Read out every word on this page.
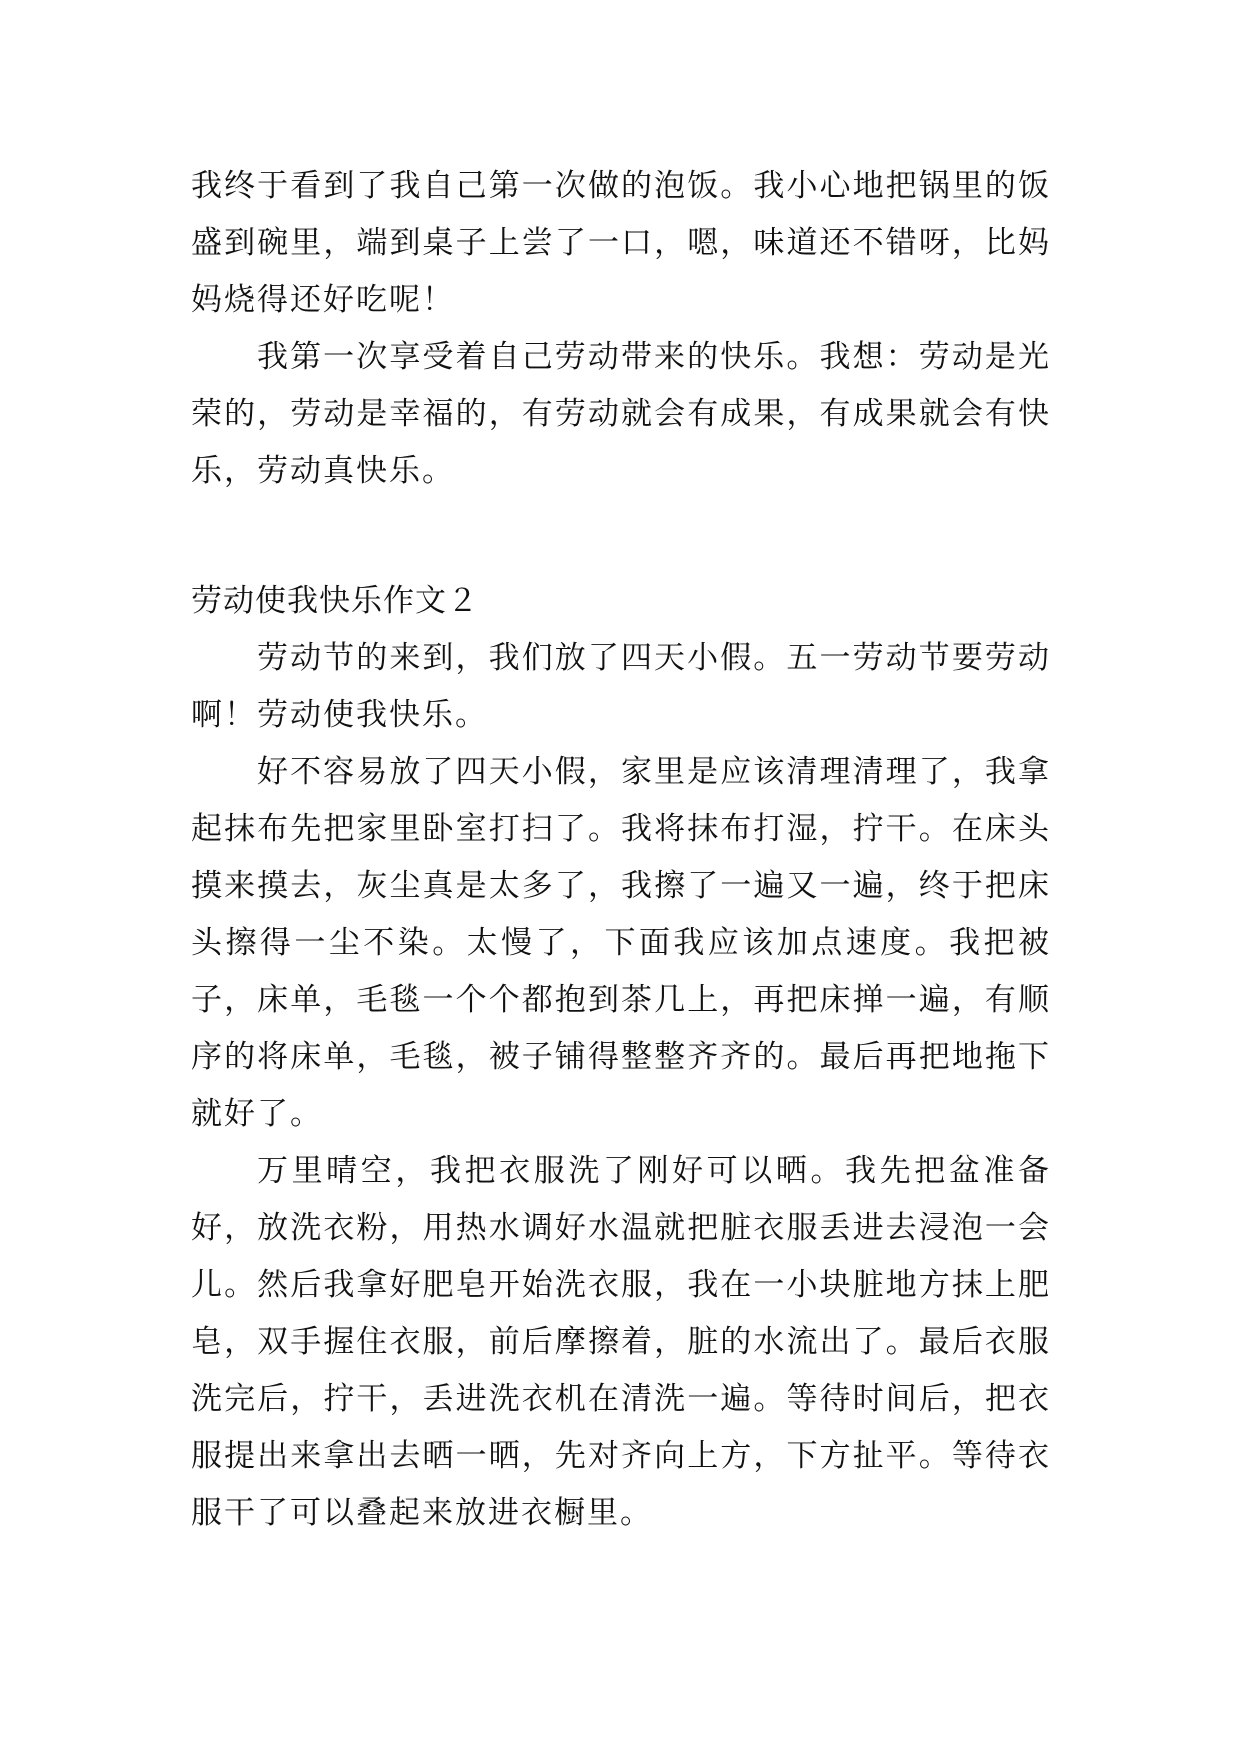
我终于看到了我自己第一次做的泡饭。我小心地把锅里的饭盛到碗里，端到桌子上尝了一口，嗯，味道还不错呀，比妈妈烧得还好吃呢！

我第一次享受着自己劳动带来的快乐。我想：劳动是光荣的，劳动是幸福的，有劳动就会有成果，有成果就会有快乐，劳动真快乐。

劳动使我快乐作文２

劳动节的来到，我们放了四天小假。五一劳动节要劳动啊！劳动使我快乐。

好不容易放了四天小假，家里是应该清理清理了，我拿起抹布先把家里卧室打扫了。我将抹布打湿，拧干。在床头摸来摸去，灰尘真是太多了，我擦了一遍又一遍，终于把床头擦得一尘不染。太慢了，下面我应该加点速度。我把被子，床单，毛毯一个个都抱到茶几上，再把床掸一遍，有顺序的将床单，毛毯，被子铺得整整齐齐的。最后再把地拖下就好了。

万里晴空，我把衣服洗了刚好可以晒。我先把盆准备好，放洗衣粉，用热水调好水温就把脏衣服丢进去浸泡一会儿。然后我拿好肥皂开始洗衣服，我在一小块脏地方抹上肥皂，双手握住衣服，前后摩擦着，脏的水流出了。最后衣服洗完后，拧干，丢进洗衣机在清洗一遍。等待时间后，把衣服提出来拿出去晒一晒，先对齐向上方，下方扯平。等待衣服干了可以叠起来放进衣橱里。
